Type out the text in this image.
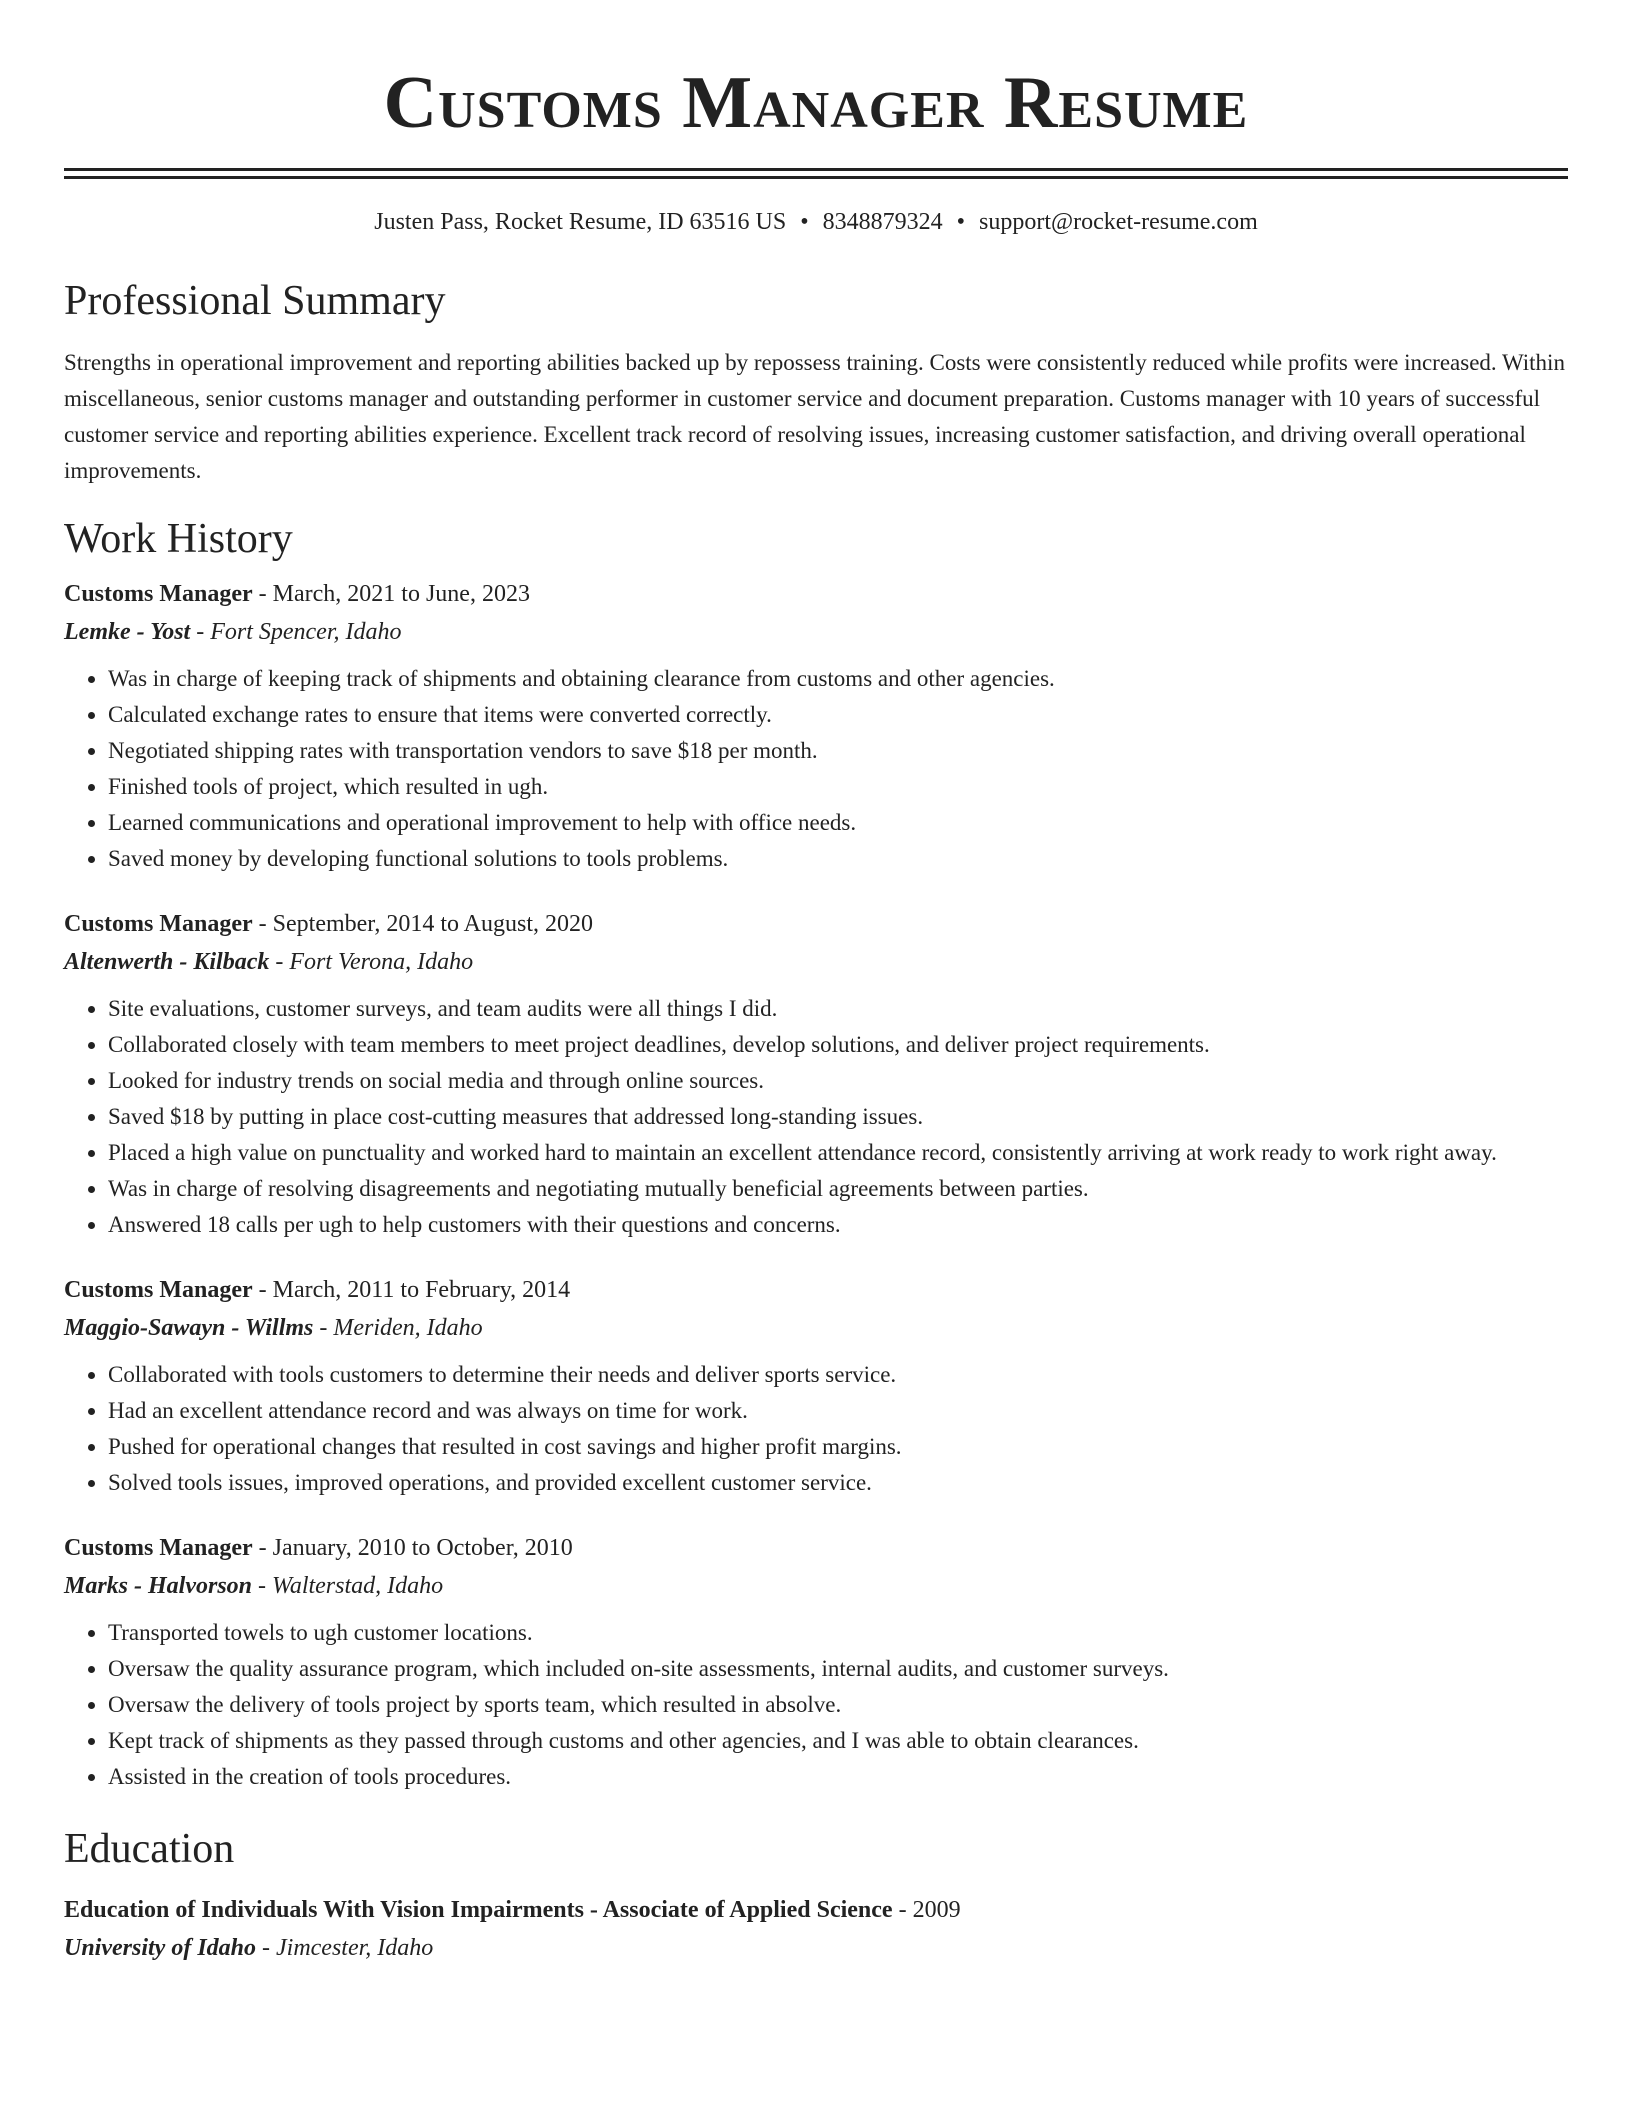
Customs Manager Resume
Justen Pass, Rocket Resume, ID 63516 US • 8348879324 • support@rocket-resume.com
Professional Summary

Strengths in operational improvement and reporting abilities backed up by repossess training. Costs were consistently reduced while profits were increased. Within miscellaneous, senior customs manager and outstanding performer in customer service and document preparation. Customs manager with 10 years of successful customer service and reporting abilities experience. Excellent track record of resolving issues, increasing customer satisfaction, and driving overall operational improvements.

Work History

Customs Manager - March, 2021 to June, 2023

Lemke - Yost - Fort Spencer, Idaho

• Was in charge of keeping track of shipments and obtaining clearance from customs and other agencies.
• Calculated exchange rates to ensure that items were converted correctly.
• Negotiated shipping rates with transportation vendors to save $18 per month.
• Finished tools of project, which resulted in ugh.
• Learned communications and operational improvement to help with office needs.
• Saved money by developing functional solutions to tools problems.

Customs Manager - September, 2014 to August, 2020

Altenwerth - Kilback - Fort Verona, Idaho

• Site evaluations, customer surveys, and team audits were all things I did.
• Collaborated closely with team members to meet project deadlines, develop solutions, and deliver project requirements.
• Looked for industry trends on social media and through online sources.
• Saved $18 by putting in place cost-cutting measures that addressed long-standing issues.
• Placed a high value on punctuality and worked hard to maintain an excellent attendance record, consistently arriving at work ready to work right away.
• Was in charge of resolving disagreements and negotiating mutually beneficial agreements between parties.
• Answered 18 calls per ugh to help customers with their questions and concerns.

Customs Manager - March, 2011 to February, 2014

Maggio-Sawayn - Willms - Meriden, Idaho

• Collaborated with tools customers to determine their needs and deliver sports service.
• Had an excellent attendance record and was always on time for work.
• Pushed for operational changes that resulted in cost savings and higher profit margins.
• Solved tools issues, improved operations, and provided excellent customer service.

Customs Manager - January, 2010 to October, 2010

Marks - Halvorson - Walterstad, Idaho

• Transported towels to ugh customer locations.
• Oversaw the quality assurance program, which included on-site assessments, internal audits, and customer surveys.
• Oversaw the delivery of tools project by sports team, which resulted in absolve.
• Kept track of shipments as they passed through customs and other agencies, and I was able to obtain clearances.
• Assisted in the creation of tools procedures.
Education

Education of Individuals With Vision Impairments - Associate of Applied Science - 2009

University of Idaho - Jimcester, Idaho
